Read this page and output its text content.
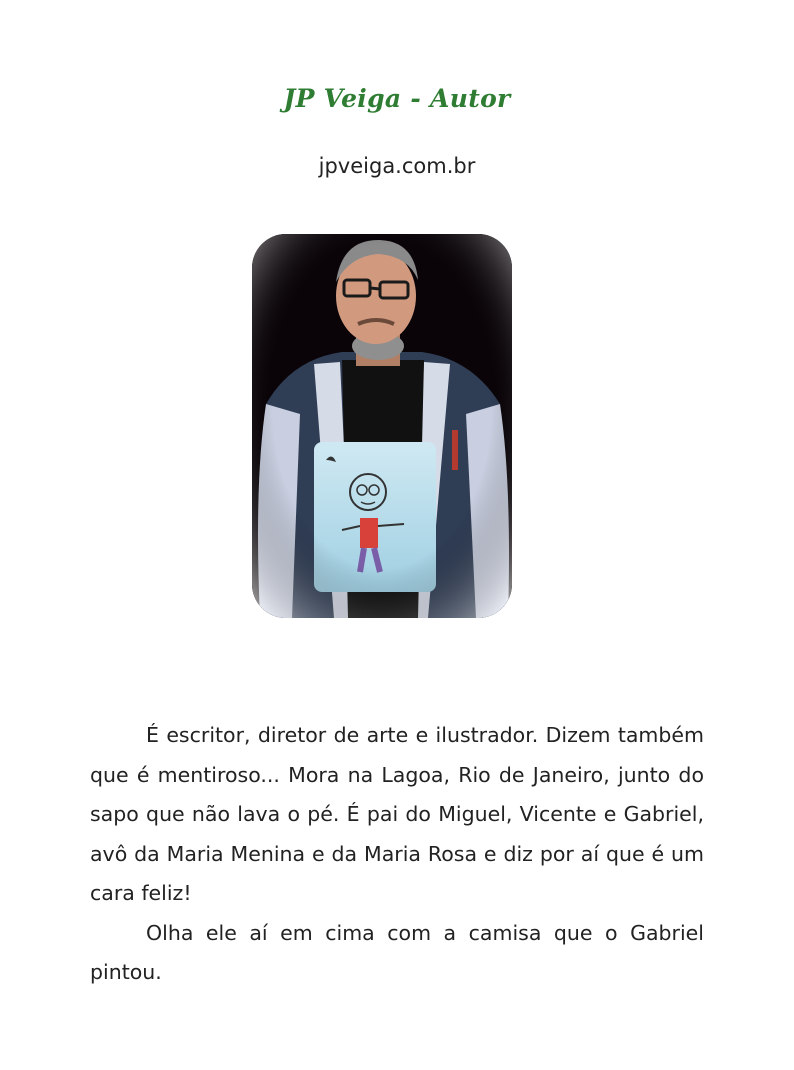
JP Veiga - Autor
jpveiga.com.br

É escritor, diretor de arte e ilustrador. Dizem também que é mentiroso... Mora na Lagoa, Rio de Janeiro, junto do sapo que não lava o pé. É pai do Miguel, Vicente e Gabriel, avô da Maria Menina e da Maria Rosa e diz por aí que é um cara feliz!

Olha ele aí em cima com a camisa que o Gabriel pintou.
